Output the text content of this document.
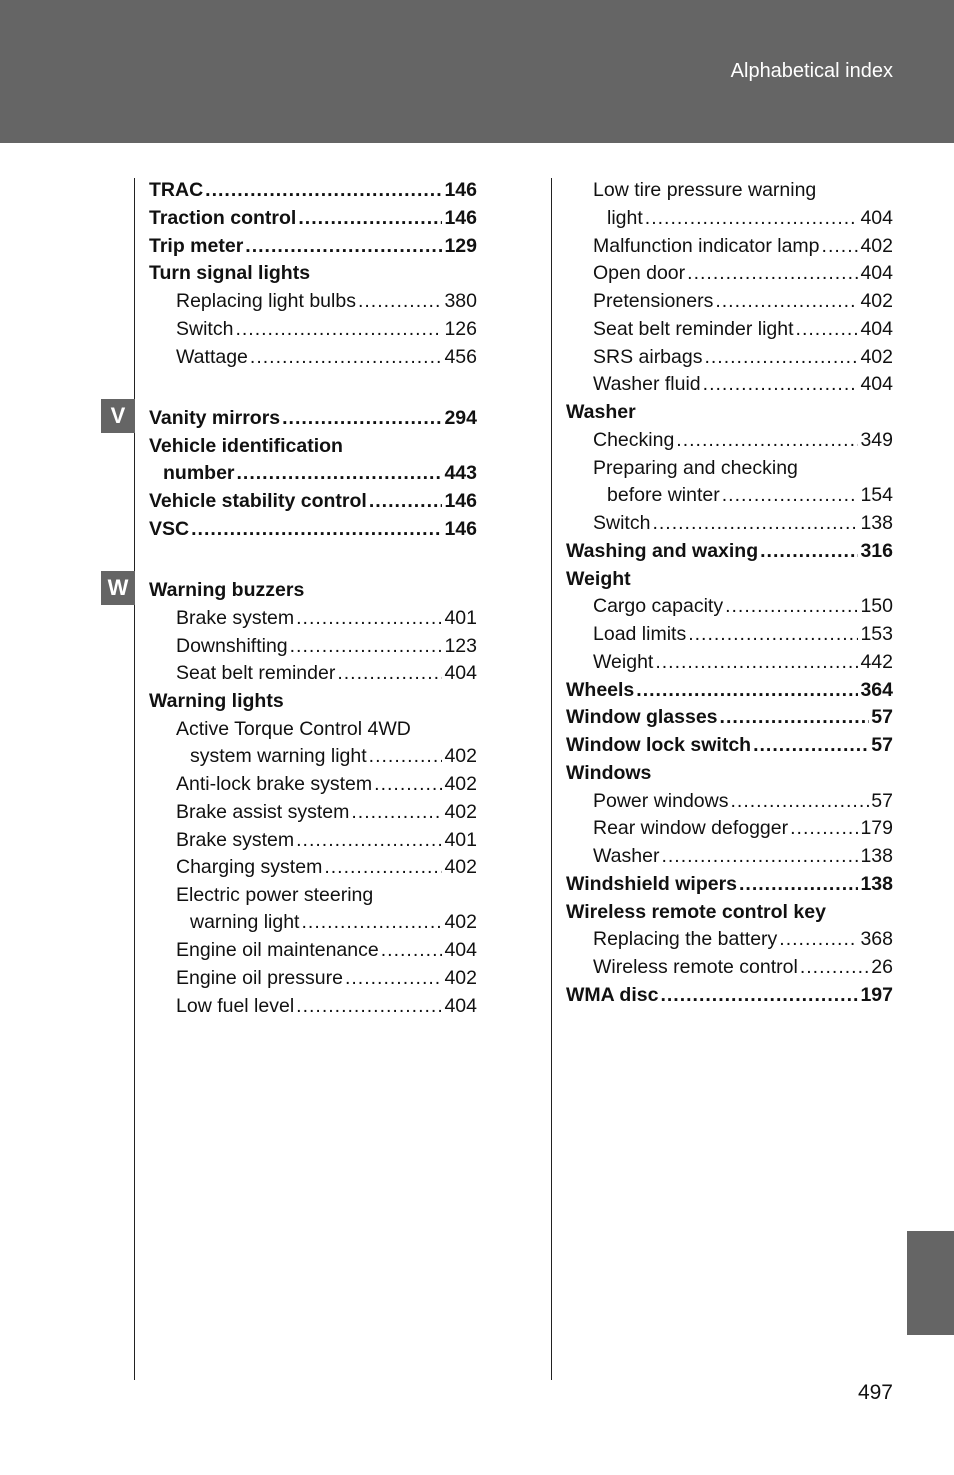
Alphabetical index
V
W
TRAC .....	146
Traction control .....	146
Trip meter .....	129
Turn signal lights
Replacing light bulbs .....	380
Switch .....	126
Wattage .....	456
Vanity mirrors .....	294
Vehicle identification
number .....	443
Vehicle stability control .....	146
VSC .....	146
Warning buzzers
Brake system .....	401
Downshifting .....	123
Seat belt reminder .....	404
Warning lights
Active Torque Control 4WD
system warning light .....	402
Anti-lock brake system .....	402
Brake assist system .....	402
Brake system .....	401
Charging system .....	402
Electric power steering
warning light .....	402
Engine oil maintenance .....	404
Engine oil pressure .....	402
Low fuel level .....	404
Low tire pressure warning
light .....	404
Malfunction indicator lamp ..... 402
Open door .....	404
Pretensioners .....	402
Seat belt reminder light .....	404
SRS airbags .....	402
Washer fluid .....	404
Washer
Checking .....	349
Preparing and checking
before winter .....	154
Switch .....	138
Washing and waxing .....	316
Weight
Cargo capacity .....	150
Load limits .....	153
Weight .....	442
Wheels .....	364
Window glasses .....	57
Window lock switch .....	57
Windows
Power windows .....	57
Rear window defogger .....	179
Washer .....	138
Windshield wipers .....	138
Wireless remote control key
Replacing the battery .....	368
Wireless remote control .....	26
WMA disc .....	197
497
